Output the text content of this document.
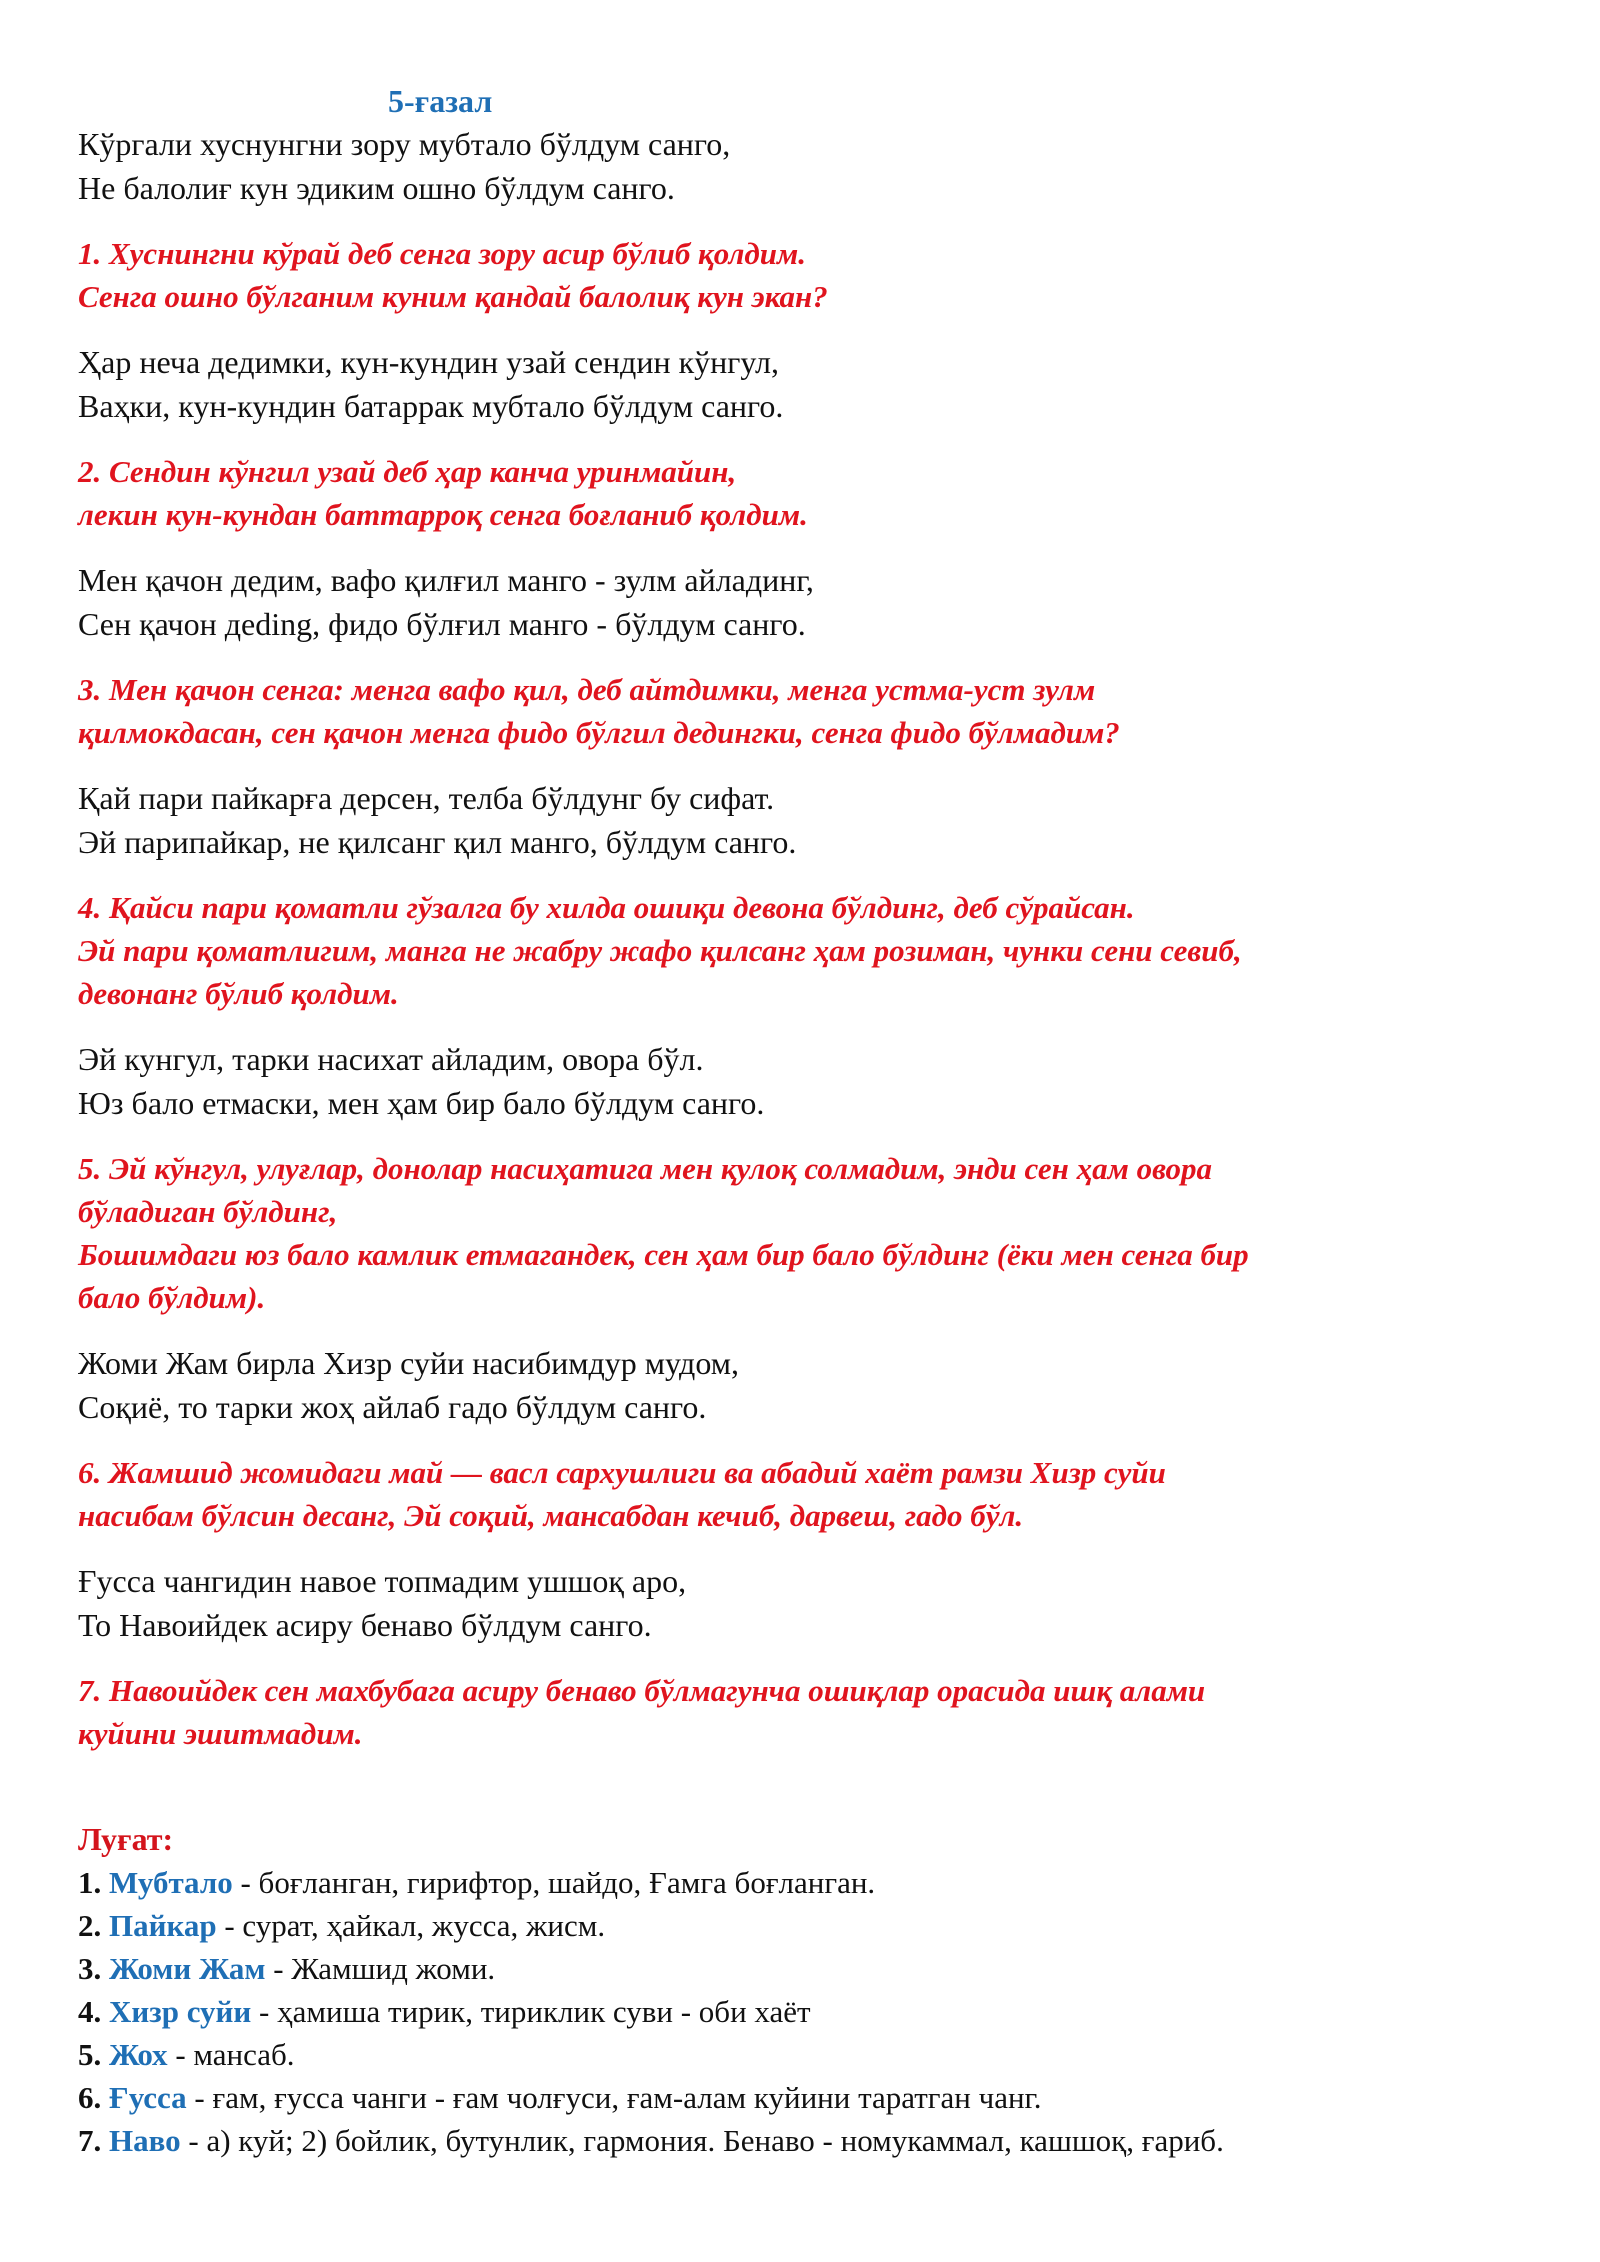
5-ғазал
Кўргали хуснунгни зору мубтало бўлдум санго,
Не балолиғ кун эдиким ошно бўлдум санго.
1. Хуснингни кўрай деб сенга зору асир бўлиб қолдим.
Сенга ошно бўлганим куним қандай балолиқ кун экан?
Ҳар неча дедимки, кун-кундин узай сендин кўнгул,
Ваҳки, кун-кундин батаррак мубтало бўлдум санго.
2. Сендин кўнгил узай деб ҳар канча уринмайин,
лекин кун-кундан баттарроқ сенга боғланиб қолдим.
Мен қачон дедим, вафо қилғил манго - зулм айладинг,
Сен қачон деding, фидо бўлғил манго - бўлдум санго.
3. Мен қачон сенга: менга вафо қил, деб айтдимки, менга устма-уст зулм
қилмокдасан, сен қачон менга фидо бўлгил дедингки, сенга фидо бўлмадим?
Қай пари пайкарға дерсен, телба бўлдунг бу сифат.
Эй парипайкар, не қилсанг қил манго, бўлдум санго.
4. Қайси пари қоматли гўзалга бу хилда ошиқи девона бўлдинг, деб сўрайсан.
Эй пари қоматлигим, манга не жабру жафо қилсанг ҳам розиман, чунки сени севиб,
девонанг бўлиб қолдим.
Эй кунгул, тарки насихат айладим, овора бўл.
Юз бало етмаски, мен ҳам бир бало бўлдум санго.
5. Эй кўнгул, улуғлар, донолар насиҳатига мен қулоқ солмадим, энди сен ҳам овора
бўладиган бўлдинг,
Бошимдаги юз бало камлик етмагандек, сен ҳам бир бало бўлдинг (ёки мен сенга бир
бало бўлдим).
Жоми Жам бирла Хизр суйи насибимдур мудом,
Соқиё, то тарки жоҳ айлаб гадо бўлдум санго.
6. Жамшид жомидаги май — васл сархушлиги ва абадий хаёт рамзи Хизр суйи
насибам бўлсин десанг, Эй соқий, мансабдан кечиб, дарвеш, гадо бўл.
Ғусса чангидин навое топмадим ушшоқ аро,
То Навоийдек асиру бенаво бўлдум санго.
7. Навоийдек сен махбубага асиру бенаво бўлмагунча ошиқлар орасида ишқ алами
куйини эшитмадим.
Луғат:
1. Мубтало - боғланган, гирифтор, шайдо, Ғамга боғланган.
2. Пайкар - сурат, ҳайкал, жусса, жисм.
3. Жоми Жам - Жамшид жоми.
4. Хизр суйи - ҳамиша тирик, тириклик суви - оби хаёт
5. Жох - мансаб.
6. Ғусса - ғам, ғусса чанги - ғам чолғуси, ғам-алам куйини таратган чанг.
7. Наво - а) куй; 2) бойлик, бутунлик, гармония. Бенаво - номукаммал, кашшоқ, ғариб.
